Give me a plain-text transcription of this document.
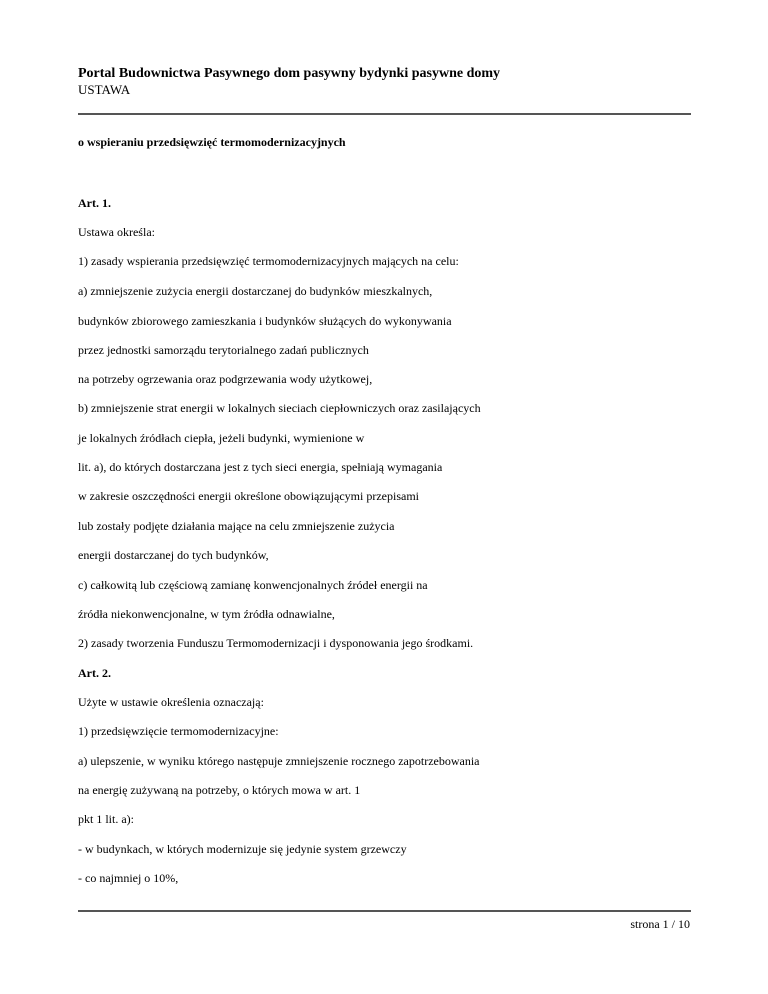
Portal Budownictwa Pasywnego dom pasywny bydynki pasywne domy
USTAWA
o wspieraniu przedsięwzięć termomodernizacyjnych
Art. 1.
Ustawa określa:
1) zasady wspierania przedsięwzięć termomodernizacyjnych mających na celu:
a) zmniejszenie zużycia energii dostarczanej do budynków mieszkalnych,
budynków zbiorowego zamieszkania i budynków służących do wykonywania
przez jednostki samorządu terytorialnego zadań publicznych
na potrzeby ogrzewania oraz podgrzewania wody użytkowej,
b) zmniejszenie strat energii w lokalnych sieciach ciepłowniczych oraz zasilających
je lokalnych źródłach ciepła, jeżeli budynki, wymienione w
lit. a), do których dostarczana jest z tych sieci energia, spełniają wymagania
w zakresie oszczędności energii określone obowiązującymi przepisami
lub zostały podjęte działania mające na celu zmniejszenie zużycia
energii dostarczanej do tych budynków,
c) całkowitą lub częściową zamianę konwencjonalnych źródeł energii na
źródła niekonwencjonalne, w tym źródła odnawialne,
2) zasady tworzenia Funduszu Termomodernizacji i dysponowania jego środkami.
Art. 2.
Użyte w ustawie określenia oznaczają:
1) przedsięwzięcie termomodernizacyjne:
a) ulepszenie, w wyniku którego następuje zmniejszenie rocznego zapotrzebowania
na energię zużywaną na potrzeby, o których mowa w art. 1
pkt 1 lit. a):
- w budynkach, w których modernizuje się jedynie system grzewczy
- co najmniej o 10%,
strona 1 / 10
